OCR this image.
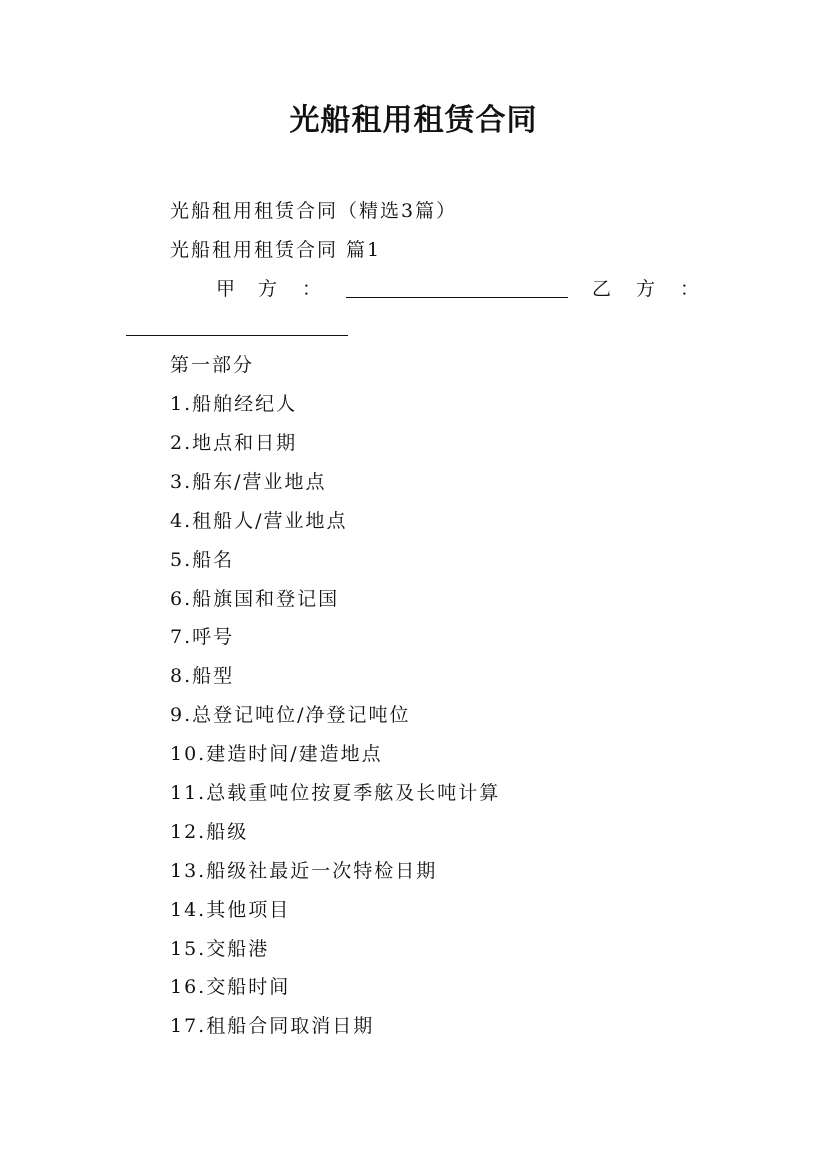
光船租用租赁合同
光船租用租赁合同（精选3篇）
光船租用租赁合同 篇1
甲 方 ：	乙 方 ：
第一部分
1.船舶经纪人
2.地点和日期
3.船东/营业地点
4.租船人/营业地点
5.船名
6.船旗国和登记国
7.呼号
8.船型
9.总登记吨位/净登记吨位
10.建造时间/建造地点
11.总载重吨位按夏季舷及长吨计算
12.船级
13.船级社最近一次特检日期
14.其他项目
15.交船港
16.交船时间
17.租船合同取消日期
